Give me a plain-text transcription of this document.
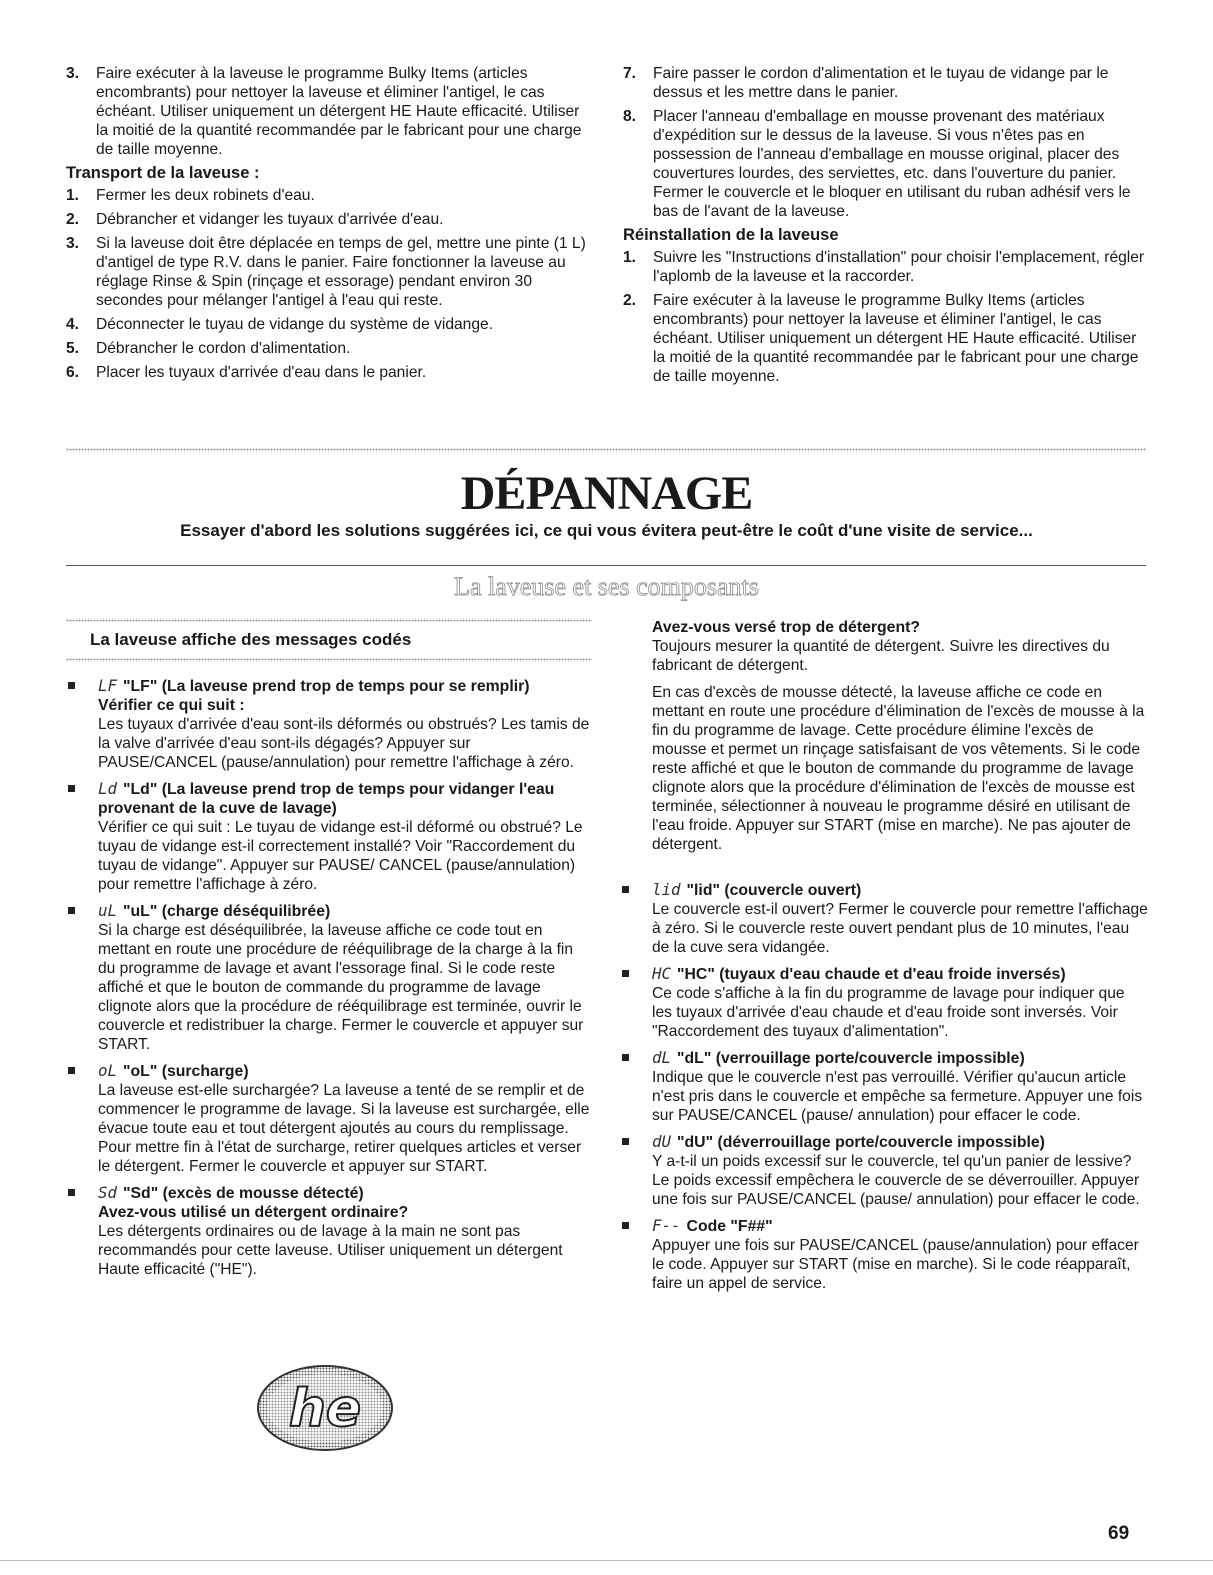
3. Faire exécuter à la laveuse le programme Bulky Items (articles encombrants) pour nettoyer la laveuse et éliminer l'antigel, le cas échéant. Utiliser uniquement un détergent HE Haute efficacité. Utiliser la moitié de la quantité recommandée par le fabricant pour une charge de taille moyenne.
Transport de la laveuse :
1. Fermer les deux robinets d'eau.
2. Débrancher et vidanger les tuyaux d'arrivée d'eau.
3. Si la laveuse doit être déplacée en temps de gel, mettre une pinte (1 L) d'antigel de type R.V. dans le panier. Faire fonctionner la laveuse au réglage Rinse & Spin (rinçage et essorage) pendant environ 30 secondes pour mélanger l'antigel à l'eau qui reste.
4. Déconnecter le tuyau de vidange du système de vidange.
5. Débrancher le cordon d'alimentation.
6. Placer les tuyaux d'arrivée d'eau dans le panier.
7. Faire passer le cordon d'alimentation et le tuyau de vidange par le dessus et les mettre dans le panier.
8. Placer l'anneau d'emballage en mousse provenant des matériaux d'expédition sur le dessus de la laveuse. Si vous n'êtes pas en possession de l'anneau d'emballage en mousse original, placer des couvertures lourdes, des serviettes, etc. dans l'ouverture du panier. Fermer le couvercle et le bloquer en utilisant du ruban adhésif vers le bas de l'avant de la laveuse.
Réinstallation de la laveuse
1. Suivre les "Instructions d'installation" pour choisir l'emplacement, régler l'aplomb de la laveuse et la raccorder.
2. Faire exécuter à la laveuse le programme Bulky Items (articles encombrants) pour nettoyer la laveuse et éliminer l'antigel, le cas échéant. Utiliser uniquement un détergent HE Haute efficacité. Utiliser la moitié de la quantité recommandée par le fabricant pour une charge de taille moyenne.
DÉPANNAGE
Essayer d'abord les solutions suggérées ici, ce qui vous évitera peut-être le coût d'une visite de service...
La laveuse et ses composants
La laveuse affiche des messages codés
LF "LF" (La laveuse prend trop de temps pour se remplir)
Vérifier ce qui suit :
Les tuyaux d'arrivée d'eau sont-ils déformés ou obstrués? Les tamis de la valve d'arrivée d'eau sont-ils dégagés? Appuyer sur PAUSE/CANCEL (pause/annulation) pour remettre l'affichage à zéro.
Ld "Ld" (La laveuse prend trop de temps pour vidanger l'eau provenant de la cuve de lavage)
Vérifier ce qui suit : Le tuyau de vidange est-il déformé ou obstrué? Le tuyau de vidange est-il correctement installé? Voir "Raccordement du tuyau de vidange". Appuyer sur PAUSE/ CANCEL (pause/annulation) pour remettre l'affichage à zéro.
uL "uL" (charge déséquilibrée)
Si la charge est déséquilibrée, la laveuse affiche ce code tout en mettant en route une procédure de rééquilibrage de la charge à la fin du programme de lavage et avant l'essorage final. Si le code reste affiché et que le bouton de commande du programme de lavage clignote alors que la procédure de rééquilibrage est terminée, ouvrir le couvercle et redistribuer la charge. Fermer le couvercle et appuyer sur START.
oL "oL" (surcharge)
La laveuse est-elle surchargée? La laveuse a tenté de se remplir et de commencer le programme de lavage. Si la laveuse est surchargée, elle évacue toute eau et tout détergent ajoutés au cours du remplissage. Pour mettre fin à l'état de surcharge, retirer quelques articles et verser le détergent. Fermer le couvercle et appuyer sur START.
Sd "Sd" (excès de mousse détecté)
Avez-vous utilisé un détergent ordinaire?
Les détergents ordinaires ou de lavage à la main ne sont pas recommandés pour cette laveuse. Utiliser uniquement un détergent Haute efficacité ("HE").
he
Avez-vous versé trop de détergent?

Toujours mesurer la quantité de détergent. Suivre les directives du fabricant de détergent.

En cas d'excès de mousse détecté, la laveuse affiche ce code en mettant en route une procédure d'élimination de l'excès de mousse à la fin du programme de lavage. Cette procédure élimine l'excès de mousse et permet un rinçage satisfaisant de vos vêtements. Si le code reste affiché et que le bouton de commande du programme de lavage clignote alors que la procédure d'élimination de l'excès de mousse est terminée, sélectionner à nouveau le programme désiré en utilisant de l'eau froide. Appuyer sur START (mise en marche). Ne pas ajouter de détergent.

lid "lid" (couvercle ouvert)
Le couvercle est-il ouvert? Fermer le couvercle pour remettre l'affichage à zéro. Si le couvercle reste ouvert pendant plus de 10 minutes, l'eau de la cuve sera vidangée.
HC "HC" (tuyaux d'eau chaude et d'eau froide inversés)
Ce code s'affiche à la fin du programme de lavage pour indiquer que les tuyaux d'arrivée d'eau chaude et d'eau froide sont inversés. Voir "Raccordement des tuyaux d'alimentation".
dL "dL" (verrouillage porte/couvercle impossible)
Indique que le couvercle n'est pas verrouillé. Vérifier qu'aucun article n'est pris dans le couvercle et empêche sa fermeture. Appuyer une fois sur PAUSE/CANCEL (pause/ annulation) pour effacer le code.
dU "dU" (déverrouillage porte/couvercle impossible)
Y a-t-il un poids excessif sur le couvercle, tel qu'un panier de lessive? Le poids excessif empêchera le couvercle de se déverrouiller. Appuyer une fois sur PAUSE/CANCEL (pause/ annulation) pour effacer le code.
F-- Code "F##"
Appuyer une fois sur PAUSE/CANCEL (pause/annulation) pour effacer le code. Appuyer sur START (mise en marche). Si le code réapparaît, faire un appel de service.
69
